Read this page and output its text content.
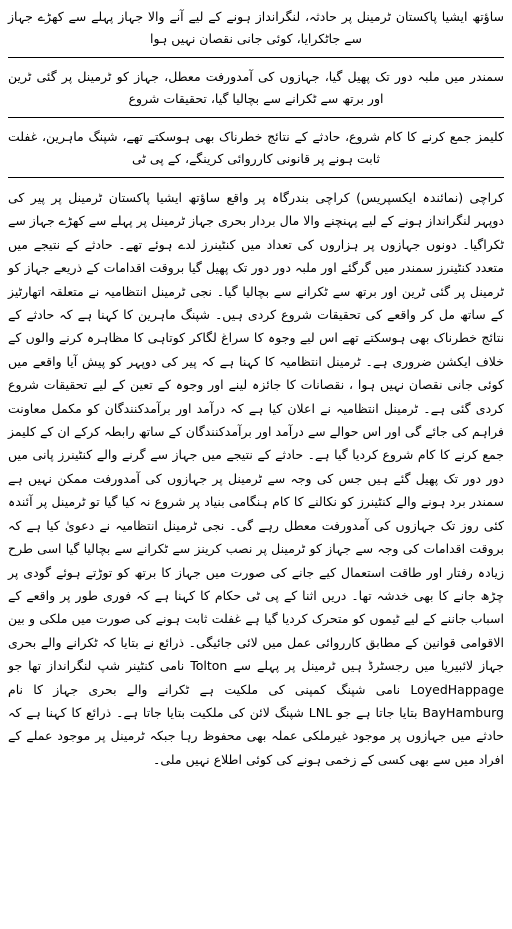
ساؤتھ ایشیا پاکستان ٹرمینل پر حادثہ، لنگرانداز ہونے کے لیے آنے والا جہاز پہلے سے کھڑے جہاز سے جاٹکرایا، کوئی جانی نقصان نہیں ہوا
سمندر میں ملبہ دور تک پھیل گیا، جہازوں کی آمدورفت معطل، جہاز کو ٹرمینل پر گئی ٹرین اور برتھ سے ٹکرانے سے بچالیا گیا، تحقیقات شروع
کلیمز جمع کرنے کا کام شروع، حادثے کے نتائج خطرناک بھی ہوسکتے تھے، شپنگ ماہرین، غفلت ثابت ہونے پر قانونی کارروائی کرینگے، کے پی ٹی
کراچی (نمائندہ ایکسپریس) کراچی بندرگاہ پر واقع ساؤتھ ایشیا پاکستان ٹرمینل پر پیر کی دوپہر لنگرانداز ہونے کے لیے پہنچنے والا مال بردار بحری جہاز ٹرمینل پر پہلے سے کھڑے جہاز سے ٹکراگیا۔ دونوں جہازوں پر ہزاروں کی تعداد میں کنٹینرز لدے ہوئے تھے۔ حادثے کے نتیجے میں متعدد کنٹینرز سمندر میں گرگئے اور ملبہ دور دور تک پھیل گیا بروقت اقدامات کے ذریعے جہاز کو ٹرمینل پر گئی ٹرین اور برتھ سے ٹکرانے سے بچالیا گیا۔ نجی ٹرمینل انتظامیہ نے متعلقہ اتھارٹیز کے ساتھ مل کر واقعے کی تحقیقات شروع کردی ہیں۔ شپنگ ماہرین کا کہنا ہے کہ حادثے کے نتائج خطرناک بھی ہوسکتے تھے اس لیے وجوہ کا سراغ لگاکر کوتاہی کا مظاہرہ کرنے والوں کے خلاف ایکشن ضروری ہے۔ ٹرمینل انتظامیہ کا کہنا ہے کہ پیر کی دوپہر کو پیش آیا واقعے میں کوئی جانی نقصان نہیں ہوا ، نقصانات کا جائزہ لینے اور وجوہ کے تعین کے لیے تحقیقات شروع کردی گئی ہے۔ ٹرمینل انتظامیہ نے اعلان کیا ہے کہ درآمد اور برآمدکنندگان کو مکمل معاونت فراہم کی جائے گی اور اس حوالے سے درآمد اور برآمدکنندگان کے ساتھ رابطہ کرکے ان کے کلیمز جمع کرنے کا کام شروع کردیا گیا ہے۔ حادثے کے نتیجے میں جہاز سے گرنے والے کنٹینرز پانی میں دور دور تک پھیل گئے ہیں جس کی وجہ سے ٹرمینل پر جہازوں کی آمدورفت ممکن نہیں ہے سمندر برد ہونے والے کنٹینرز کو نکالنے کا کام ہنگامی بنیاد پر شروع نہ کیا گیا تو ٹرمینل پر آئندہ کئی روز تک جہازوں کی آمدورفت معطل رہے گی۔ نجی ٹرمینل انتظامیہ نے دعویٰ کیا ہے کہ بروقت اقدامات کی وجہ سے جہاز کو ٹرمینل پر نصب کرینز سے ٹکرانے سے بچالیا گیا اسی طرح زیادہ رفتار اور طاقت استعمال کیے جانے کی صورت میں جہاز کا برتھ کو توڑتے ہوئے گودی پر چڑھ جانے کا بھی خدشہ تھا۔ دریں اثنا کے پی ٹی حکام کا کہنا ہے کہ فوری طور پر واقعے کے اسباب جاننے کے لیے ٹیموں کو متحرک کردیا گیا ہے غفلت ثابت ہونے کی صورت میں ملکی و بین الاقوامی قوانین کے مطابق کارروائی عمل میں لائی جائیگی۔ ذرائع نے بتایا کہ ٹکرانے والے بحری جہاز لائبیریا میں رجسٹرڈ ہیں ٹرمینل پر پہلے سے Tolton نامی کنٹینر شپ لنگرانداز تھا جو LoyedHappage نامی شپنگ کمپنی کی ملکیت ہے ٹکرانے والے بحری جہاز کا نام BayHamburg بتایا جاتا ہے جو LNL شپنگ لائن کی ملکیت بتایا جاتا ہے۔ ذرائع کا کہنا ہے کہ حادثے میں جہازوں پر موجود غیرملکی عملہ بھی محفوظ رہا جبکہ ٹرمینل پر موجود عملے کے افراد میں سے بھی کسی کے زخمی ہونے کی کوئی اطلاع نہیں ملی۔
